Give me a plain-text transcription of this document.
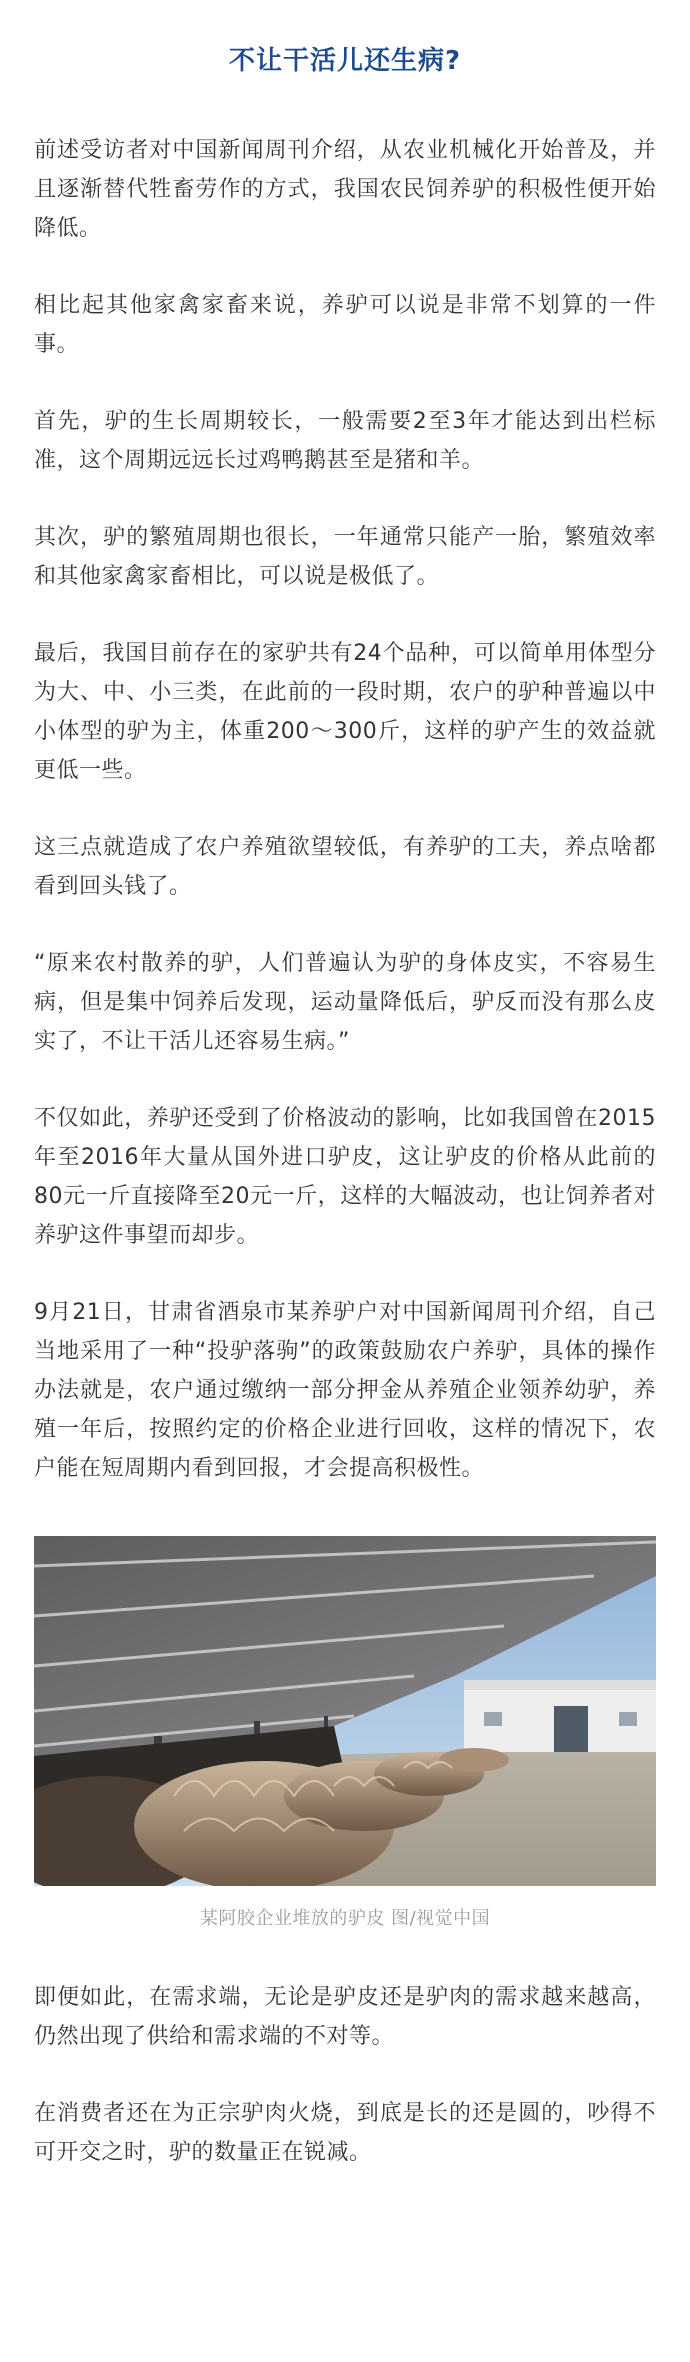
不让干活儿还生病?

前述受访者对中国新闻周刊介绍，从农业机械化开始普及，并且逐渐替代牲畜劳作的方式，我国农民饲养驴的积极性便开始降低。

相比起其他家禽家畜来说，养驴可以说是非常不划算的一件事。

首先，驴的生长周期较长，一般需要2至3年才能达到出栏标准，这个周期远远长过鸡鸭鹅甚至是猪和羊。

其次，驴的繁殖周期也很长，一年通常只能产一胎，繁殖效率和其他家禽家畜相比，可以说是极低了。

最后，我国目前存在的家驴共有24个品种，可以简单用体型分为大、中、小三类，在此前的一段时期，农户的驴种普遍以中小体型的驴为主，体重200～300斤，这样的驴产生的效益就更低一些。

这三点就造成了农户养殖欲望较低，有养驴的工夫，养点啥都看到回头钱了。

“原来农村散养的驴，人们普遍认为驴的身体皮实，不容易生病，但是集中饲养后发现，运动量降低后，驴反而没有那么皮实了，不让干活儿还容易生病。”

不仅如此，养驴还受到了价格波动的影响，比如我国曾在2015年至2016年大量从国外进口驴皮，这让驴皮的价格从此前的80元一斤直接降至20元一斤，这样的大幅波动，也让饲养者对养驴这件事望而却步。

9月21日，甘肃省酒泉市某养驴户对中国新闻周刊介绍，自己当地采用了一种“投驴落驹”的政策鼓励农户养驴，具体的操作办法就是，农户通过缴纳一部分押金从养殖企业领养幼驴，养殖一年后，按照约定的价格企业进行回收，这样的情况下，农户能在短周期内看到回报，才会提高积极性。

某阿胶企业堆放的驴皮 图/视觉中国

即便如此，在需求端，无论是驴皮还是驴肉的需求越来越高，仍然出现了供给和需求端的不对等。

在消费者还在为正宗驴肉火烧，到底是长的还是圆的，吵得不可开交之时，驴的数量正在锐减。
